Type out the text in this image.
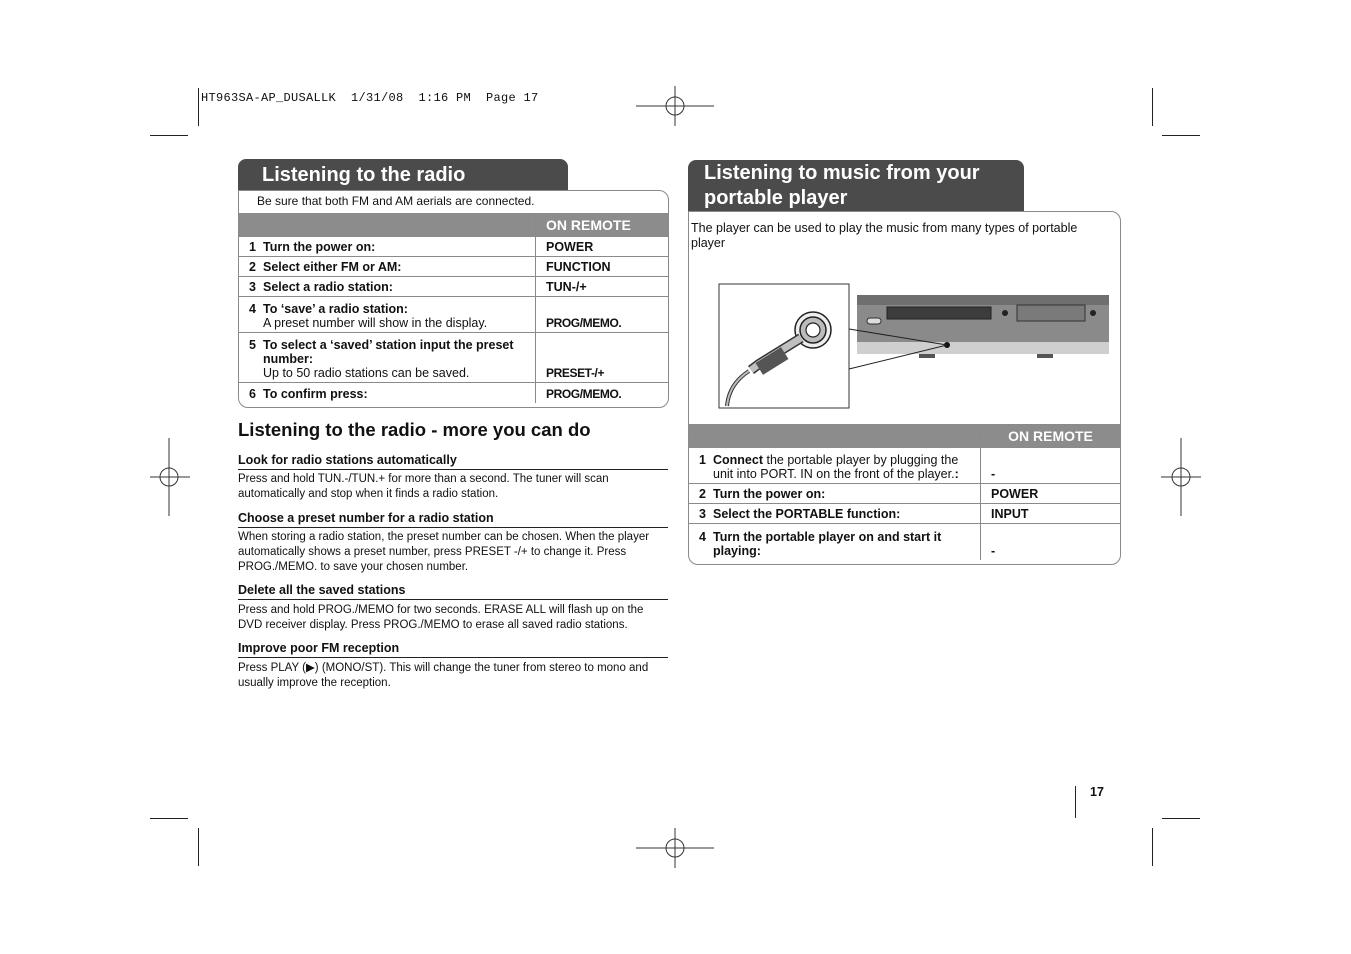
HT963SA-AP_DUSALLK  1/31/08  1:16 PM  Page 17
Listening to the radio
Be sure that both FM and AM aerials are connected.
	ON REMOTE
1 Turn the power on:	POWER
2 Select either FM or AM:	FUNCTION
3 Select a radio station:	TUN-/+
4 To ‘save’ a radio station:
A preset number will show in the display.	PROG/MEMO.

5 To select a ‘saved’ station input the preset number:
Up to 50 radio stations can be saved.	PRESET-/+
6 To confirm press:	PROG/MEMO.
Listening to the radio - more you can do
Look for radio stations automatically
Press and hold TUN.-/TUN.+ for more than a second. The tuner will scan automatically and stop when it finds a radio station.
Choose a preset number for a radio station
When storing a radio station, the preset number can be chosen. When the player automatically shows a preset number, press PRESET -/+ to change it. Press PROG./MEMO. to save your chosen number.
Delete all the saved stations
Press and hold PROG./MEMO for two seconds. ERASE ALL will flash up on the DVD receiver display. Press PROG./MEMO to erase all saved radio stations.
Improve poor FM reception
Press PLAY (▶) (MONO/ST). This will change the tuner from stereo to mono and usually improve the reception.
Listening to music from your
portable player
The player can be used to play the music from many types of portable player
	ON REMOTE

1 Connect the portable player by plugging the unit into PORT. IN on the front of the player.:	-
2 Turn the power on:	POWER
3 Select the PORTABLE function:	INPUT

4 Turn the portable player on and start it playing:	-
17
